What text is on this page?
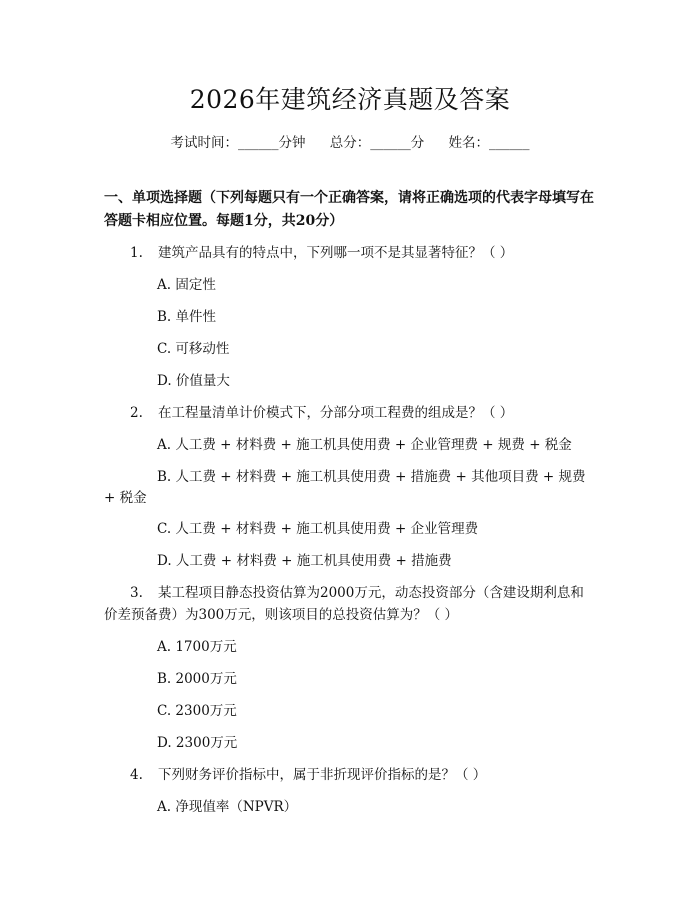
2026年建筑经济真题及答案
考试时间：______分钟 总分：______分 姓名：______
一、单项选择题（下列每题只有一个正确答案，请将正确选项的代表字母填写在
答题卡相应位置。每题1分，共20分）
1. 建筑产品具有的特点中，下列哪一项不是其显著特征？（ ）
A. 固定性
B. 单件性
C. 可移动性
D. 价值量大
2. 在工程量清单计价模式下，分部分项工程费的组成是？（ ）
A. 人工费 + 材料费 + 施工机具使用费 + 企业管理费 + 规费 + 税金
B. 人工费 + 材料费 + 施工机具使用费 + 措施费 + 其他项目费 + 规费
+ 税金
C. 人工费 + 材料费 + 施工机具使用费 + 企业管理费
D. 人工费 + 材料费 + 施工机具使用费 + 措施费
3. 某工程项目静态投资估算为2000万元，动态投资部分（含建设期利息和
价差预备费）为300万元，则该项目的总投资估算为？（ ）
A. 1700万元
B. 2000万元
C. 2300万元
D. 2300万元
4. 下列财务评价指标中，属于非折现评价指标的是？（ ）
A. 净现值率（NPVR）
